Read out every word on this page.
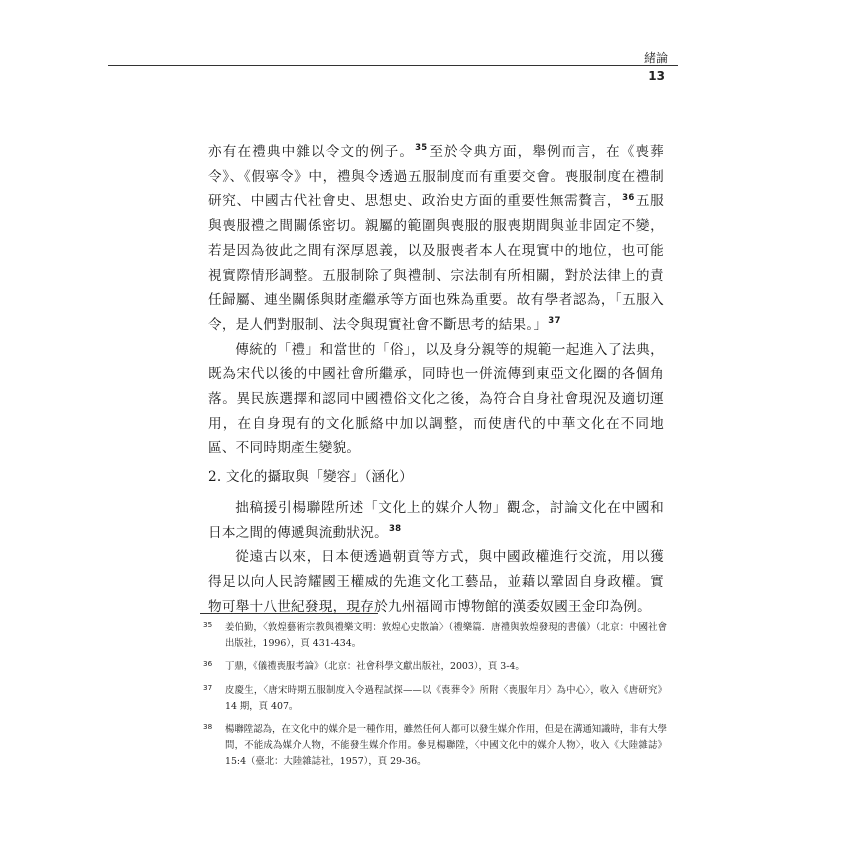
緒論
13

亦有在禮典中雜以令文的例子。$^{35}$至於令典方面，舉例而言，在《喪葬令》、《假寧令》中，禮與令透過五服制度而有重要交會。喪服制度在禮制研究、中國古代社會史、思想史、政治史方面的重要性無需贅言，$^{36}$五服與喪服禮之間關係密切。親屬的範圍與喪服的服喪期間與並非固定不變，若是因為彼此之間有深厚恩義，以及服喪者本人在現實中的地位，也可能視實際情形調整。五服制除了與禮制、宗法制有所相關，對於法律上的責任歸屬、連坐關係與財產繼承等方面也殊為重要。故有學者認為，「五服入令，是人們對服制、法令與現實社會不斷思考的結果。」$^{37}$

傳統的「禮」和當世的「俗」，以及身分親等的規範一起進入了法典，既為宋代以後的中國社會所繼承，同時也一併流傳到東亞文化圈的各個角落。異民族選擇和認同中國禮俗文化之後，為符合自身社會現況及適切運用，在自身現有的文化脈絡中加以調整，而使唐代的中華文化在不同地區、不同時期產生變貌。

2. 文化的攝取與「變容」（涵化）

拙稿援引楊聯陞所述「文化上的媒介人物」觀念，討論文化在中國和日本之間的傳遞與流動狀況。$^{38}$

從遠古以來，日本便透過朝貢等方式，與中國政權進行交流，用以獲得足以向人民誇耀國王權威的先進文化工藝品，並藉以鞏固自身政權。實物可舉十八世紀發現，現存於九州福岡市博物館的漢委奴國王金印為例。

35 姜伯勤，〈敦煌藝術宗教與禮樂文明：敦煌心史散論〉（禮樂篇．唐禮與敦煌發現的書儀）（北京：中國社會出版社，1996），頁 431-434。
36 丁鼎，《儀禮喪服考論》（北京：社會科學文獻出版社，2003），頁 3-4。
37 皮慶生，〈唐宋時期五服制度入令過程試探——以《喪葬令》所附〈喪服年月〉為中心〉，收入《唐研究》14 期，頁 407。
38 楊聯陞認為，在文化中的媒介是一種作用，雖然任何人都可以發生媒介作用，但是在溝通知識時，非有大學問，不能成為媒介人物，不能發生媒介作用。參見楊聯陞，〈中國文化中的媒介人物〉，收入《大陸雜誌》15:4（臺北：大陸雜誌社，1957），頁 29-36。
